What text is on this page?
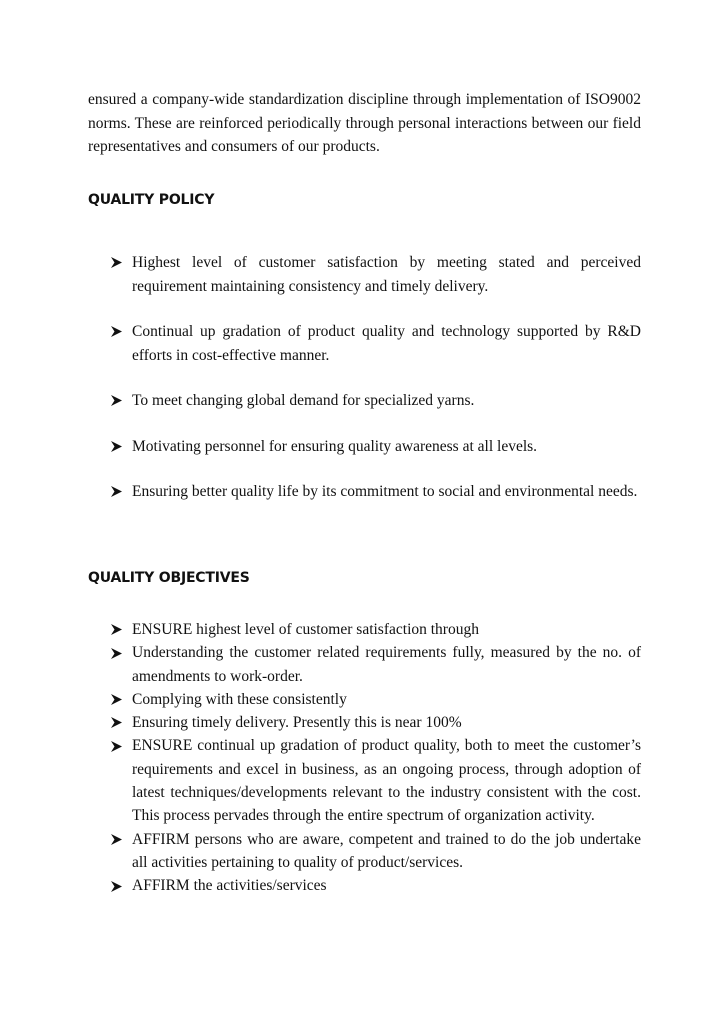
ensured a company-wide standardization discipline through implementation of ISO9002 norms. These are reinforced periodically through personal interactions between our field representatives and consumers of our products.

QUALITY POLICY
Highest level of customer satisfaction by meeting stated and perceived requirement maintaining consistency and timely delivery.
Continual up gradation of product quality and technology supported by R&D efforts in cost-effective manner.
To meet changing global demand for specialized yarns.
Motivating personnel for ensuring quality awareness at all levels.
Ensuring better quality life by its commitment to social and environmental needs.
QUALITY OBJECTIVES
ENSURE highest level of customer satisfaction through
Understanding the customer related requirements fully, measured by the no. of amendments to work-order.
Complying with these consistently
Ensuring timely delivery. Presently this is near 100%
ENSURE continual up gradation of product quality, both to meet the customer’s requirements and excel in business, as an ongoing process, through adoption of latest techniques/developments relevant to the industry consistent with the cost. This process pervades through the entire spectrum of organization activity.
AFFIRM persons who are aware, competent and trained to do the job undertake all activities pertaining to quality of product/services.
AFFIRM the activities/services
